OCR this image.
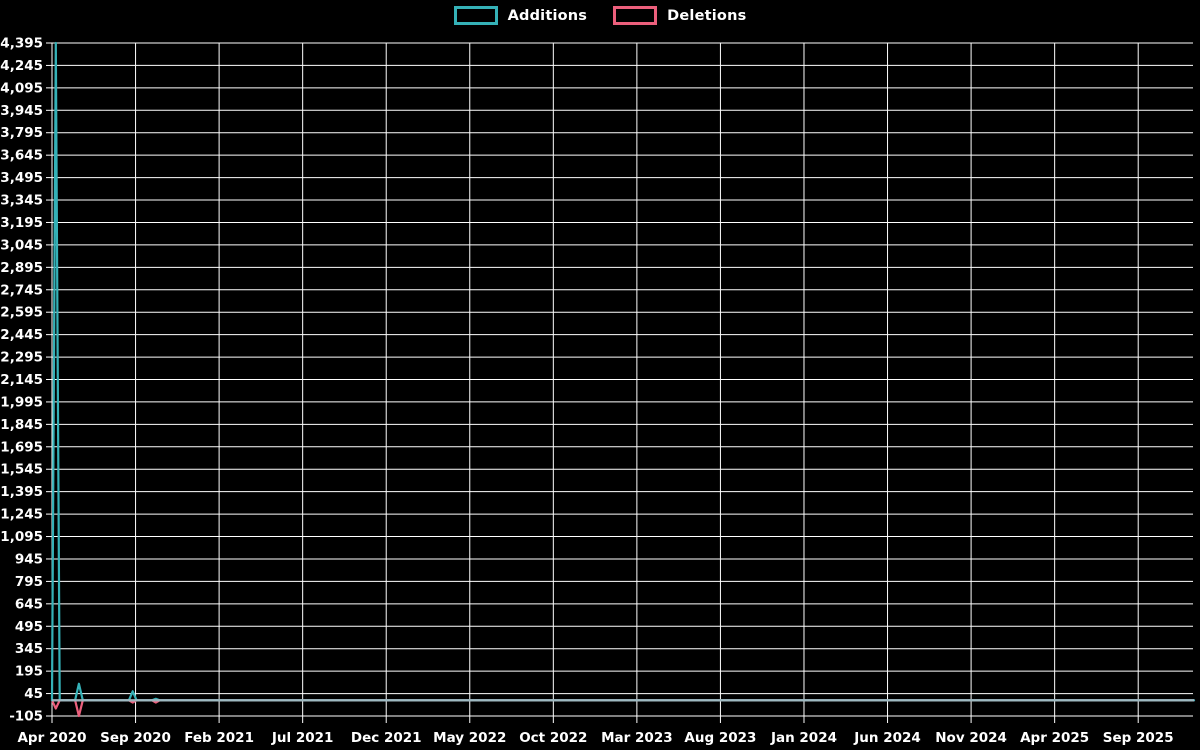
Additions	Deletions
4,395
4,245
4,095
3,945
3,795
3,645
3,495
3,345
3,195
3,045
2,895
2,745
2,595
2,445
2,295
2,145
1,995
1,845
1,695
1,545
1,395
1,245
1,095
945
795
645
495
345
195
45
-105
Apr 2020 Sep 2020 Feb 2021 Jul 2021 Dec 2021 May 2022 Oct 2022 Mar 2023 Aug 2023 Jan 2024 Jun 2024 Nov 2024 Apr 2025 Sep 2025
